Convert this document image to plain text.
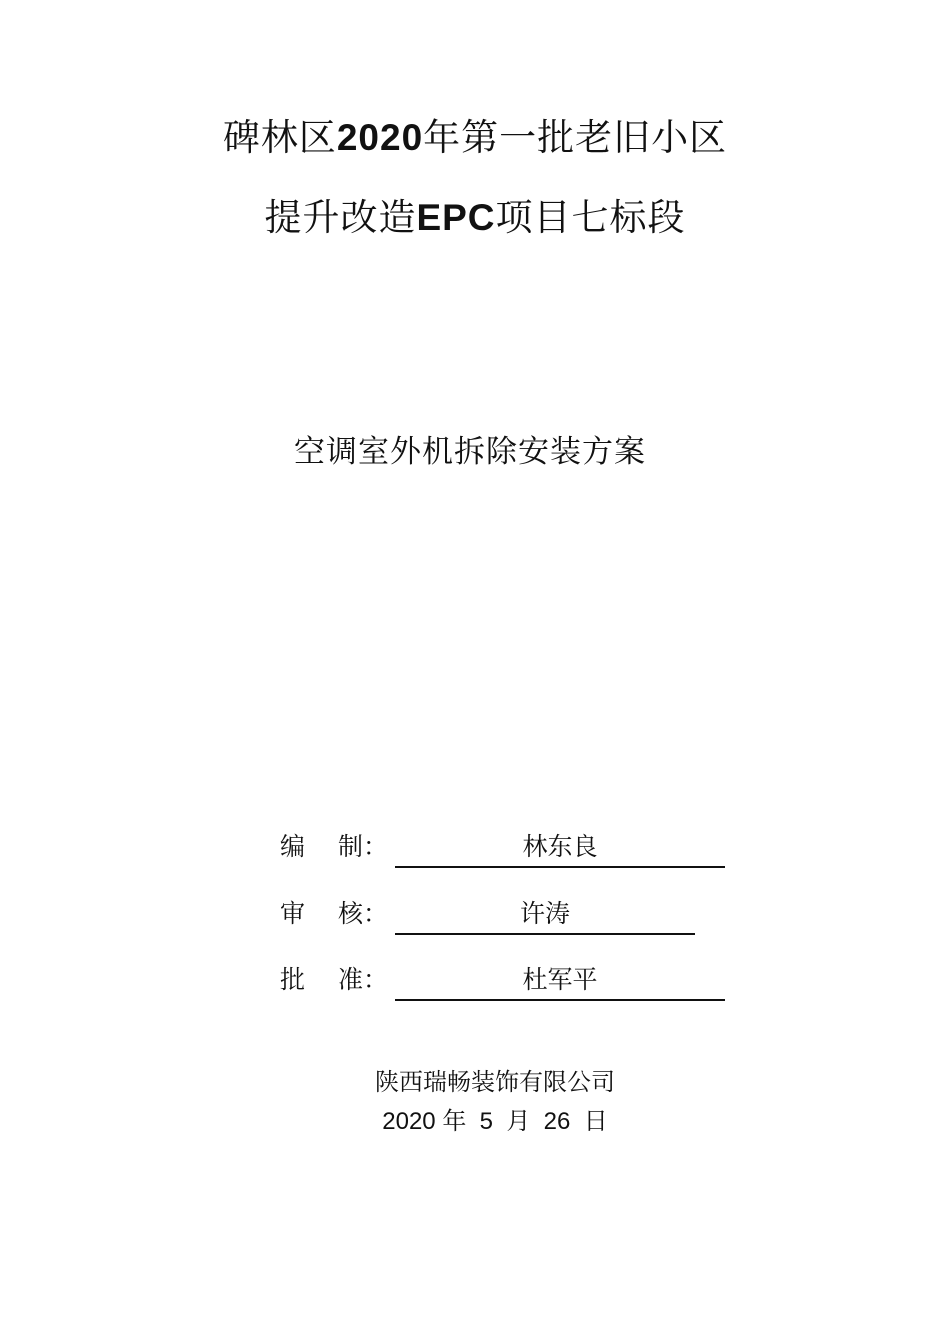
碑林区2020年第一批老旧小区
提升改造EPC项目七标段
空调室外机拆除安装方案
编 制：	林东良
审 核：	许涛
批 准：	杜军平
陕西瑞畅装饰有限公司
2020 年  5  月  26  日
